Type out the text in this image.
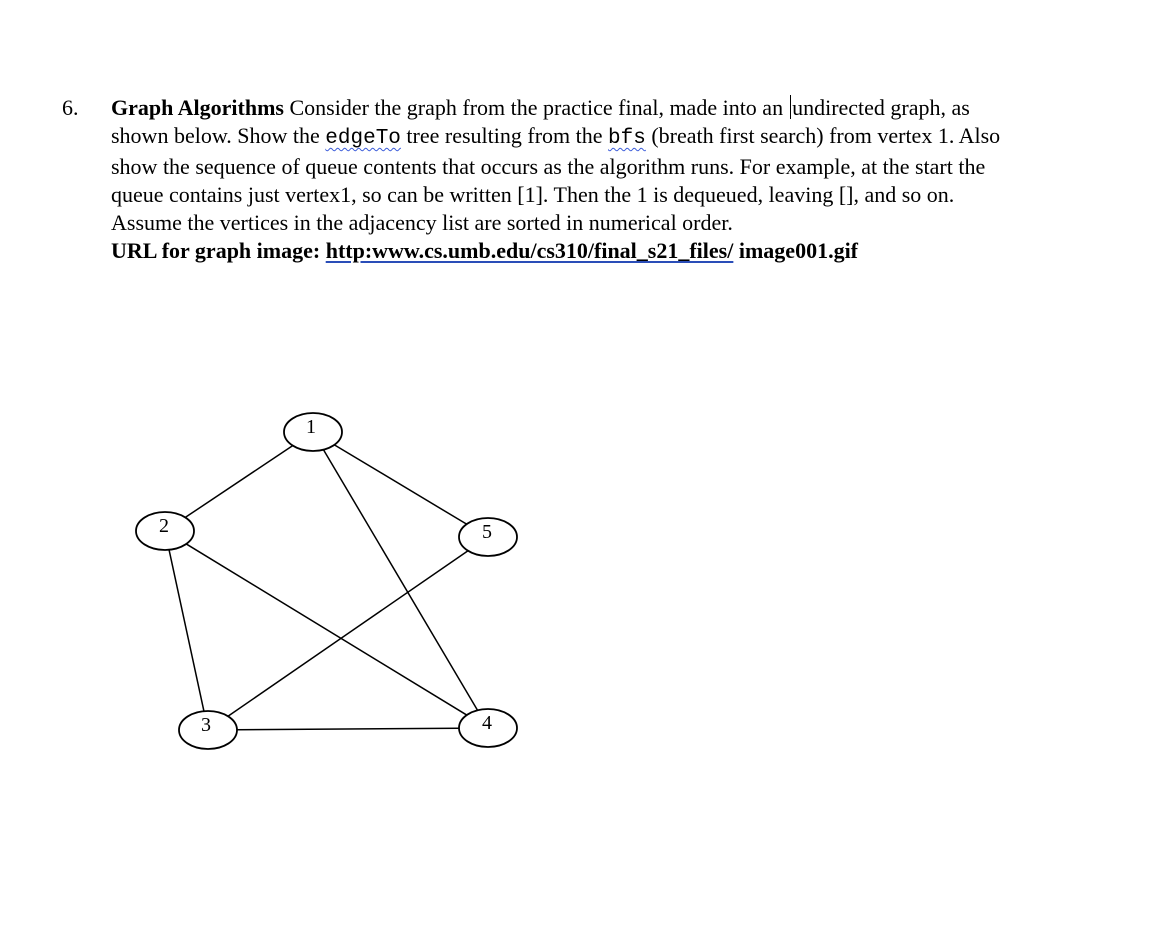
6. Graph Algorithms Consider the graph from the practice final, made into an undirected graph, as
shown below. Show the edgeTo tree resulting from the bfs (breath first search) from vertex 1. Also
show the sequence of queue contents that occurs as the algorithm runs. For example, at the start the
queue contains just vertex1, so can be written [1]. Then the 1 is dequeued, leaving [], and so on.
Assume the vertices in the adjacency list are sorted in numerical order.
URL for graph image: http:www.cs.umb.edu/cs310/final_s21_files/ image001.gif
1
2
3	4
5
